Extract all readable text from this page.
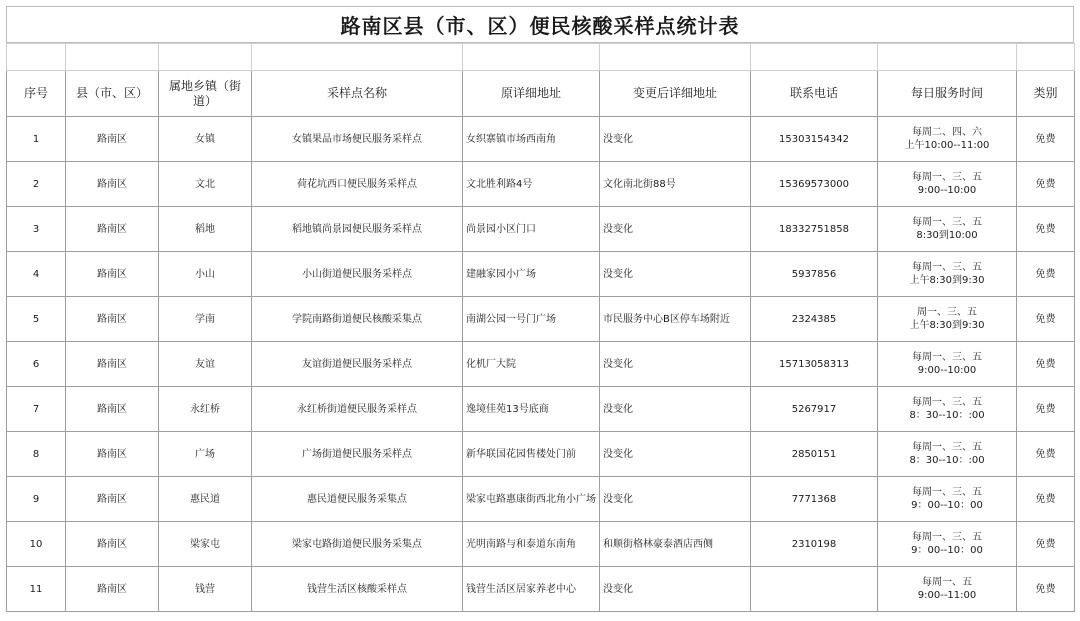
路南区县（市、区）便民核酸采样点统计表

序号	县（市、区）	属地乡镇（街道）	采样点名称	原详细地址	变更后详细地址	联系电话	每日服务时间	类别
1	路南区	女镇	女镇果品市场便民服务采样点	女织寨镇市场西南角	没变化	15303154342	每周二、四、六
上午10:00--11:00	免费
2	路南区	文北	荷花坑西口便民服务采样点	文北胜利路4号	文化南北街88号	15369573000	每周一、三、五
9:00--10:00	免费
3	路南区	稻地	稻地镇尚景园便民服务采样点	尚景园小区门口	没变化	18332751858	每周一、三、五
8:30到10:00	免费
4	路南区	小山	小山街道便民服务采样点	建融家园小广场	没变化	5937856	每周一、三、五
上午8:30到9:30	免费
5	路南区	学南	学院南路街道便民核酸采集点	南湖公园一号门广场	市民服务中心B区停车场附近	2324385	周一、三、五
上午8:30到9:30	免费
6	路南区	友谊	友谊街道便民服务采样点	化机厂大院	没变化	15713058313	每周一、三、五
9:00--10:00	免费
7	路南区	永红桥	永红桥街道便民服务采样点	逸境佳苑13号底商	没变化	5267917	每周一、三、五
8：30--10：:00	免费
8	路南区	广场	广场街道便民服务采样点	新华联国花园售楼处门前	没变化	2850151	每周一、三、五
8：30--10：:00	免费
9	路南区	惠民道	惠民道便民服务采集点	梁家屯路惠康街西北角小广场	没变化	7771368	每周一、三、五
9：00--10：00	免费
10	路南区	梁家屯	梁家屯路街道便民服务采集点	光明南路与和泰道东南角	和顺街格林豪泰酒店西侧	2310198	每周一、三、五
9：00--10：00	免费
11	路南区	钱营	钱营生活区核酸采样点	钱营生活区居家养老中心	没变化		每周一、五
9:00--11:00	免费
